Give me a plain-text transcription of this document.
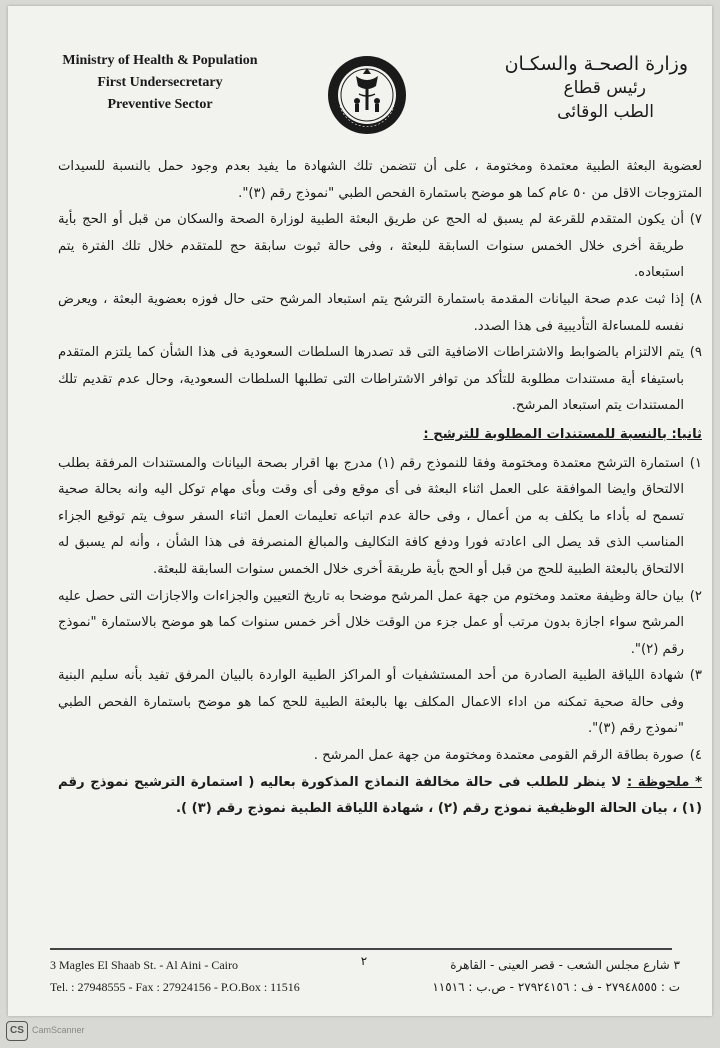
Ministry of Health & Population
First Undersecretary
Preventive Sector
وزارة الصحـة والسكـان
رئيس قطاع
الطب الوقائى

لعضوية البعثة الطبية معتمدة ومختومة ، على أن تتضمن تلك الشهادة ما يفيد بعدم وجود حمل بالنسبة للسيدات المتزوجات الاقل من ٥٠ عام كما هو موضح باستمارة الفحص الطبي "نموذج رقم (٣)".

٧)
أن يكون المتقدم للقرعة لم يسبق له الحج عن طريق البعثة الطبية لوزارة الصحة والسكان من قبل أو الحج بأية طريقة أخرى خلال الخمس سنوات السابقة للبعثة ، وفى حالة ثبوت سابقة حج للمتقدم خلال تلك الفترة يتم استبعاده.
٨)
إذا ثبت عدم صحة البيانات المقدمة باستمارة الترشح يتم استبعاد المرشح حتى حال فوزه بعضوية البعثة ، ويعرض نفسه للمساءلة التأديبية فى هذا الصدد.
٩)
يتم الالتزام بالضوابط والاشتراطات الاضافية التى قد تصدرها السلطات السعودية فى هذا الشأن كما يلتزم المتقدم باستيفاء أية مستندات مطلوبة للتأكد من توافر الاشتراطات التى تطلبها السلطات السعودية، وحال عدم تقديم تلك المستندات يتم استبعاد المرشح.
ثانيا: بالنسبة للمستندات المطلوبة للترشح :
١)
استمارة الترشح معتمدة ومختومة وفقا للنموذج رقم (١) مدرج بها اقرار بصحة البيانات والمستندات المرفقة بطلب الالتحاق وايضا الموافقة على العمل اثناء البعثة فى أى موقع وفى أى وقت وبأى مهام توكل اليه وانه بحالة صحية تسمح له بأداء ما يكلف به من أعمال ، وفى حالة عدم اتباعه تعليمات العمل اثناء السفر سوف يتم توقيع الجزاء المناسب الذى قد يصل الى اعادته فورا ودفع كافة التكاليف والمبالغ المنصرفة فى هذا الشأن ، وأنه لم يسبق له الالتحاق بالبعثة الطبية للحج من قبل أو الحج بأية طريقة أخرى خلال الخمس سنوات السابقة للبعثة.
٢)
بيان حالة وظيفة معتمد ومختوم من جهة عمل المرشح موضحا به تاريخ التعيين والجزاءات والاجازات التى حصل عليه المرشح سواء اجازة بدون مرتب أو عمل جزء من الوقت خلال أخر خمس سنوات كما هو موضح بالاستمارة "نموذج رقم (٢)".
٣)
شهادة اللياقة الطبية الصادرة من أحد المستشفيات أو المراكز الطبية الواردة بالبيان المرفق تفيد بأنه سليم البنية وفى حالة صحية تمكنه من اداء الاعمال المكلف بها بالبعثة الطبية للحج كما هو موضح باستمارة الفحص الطبي "نموذج رقم (٣)".
٤)
صورة بطاقة الرقم القومى معتمدة ومختومة من جهة عمل المرشح .

* ملحوظة : لا ينظر للطلب فى حالة مخالفة النماذج المذكورة بعاليه ( استمارة الترشيح نموذج رقم (١) ، بيان الحالة الوظيفية نموذج رقم (٢) ، شهادة اللياقة الطبية نموذج رقم (٣) ).

3 Magles El Shaab St. - Al Aini - Cairo
Tel. : 27948555 - Fax : 27924156 - P.O.Box : 11516
٢	٣ شارع مجلس الشعب - قصر العينى - القاهرة
ت : ٢٧٩٤٨٥٥٥ - ف : ٢٧٩٢٤١٥٦ - ص.ب : ١١٥١٦
CS CamScanner
